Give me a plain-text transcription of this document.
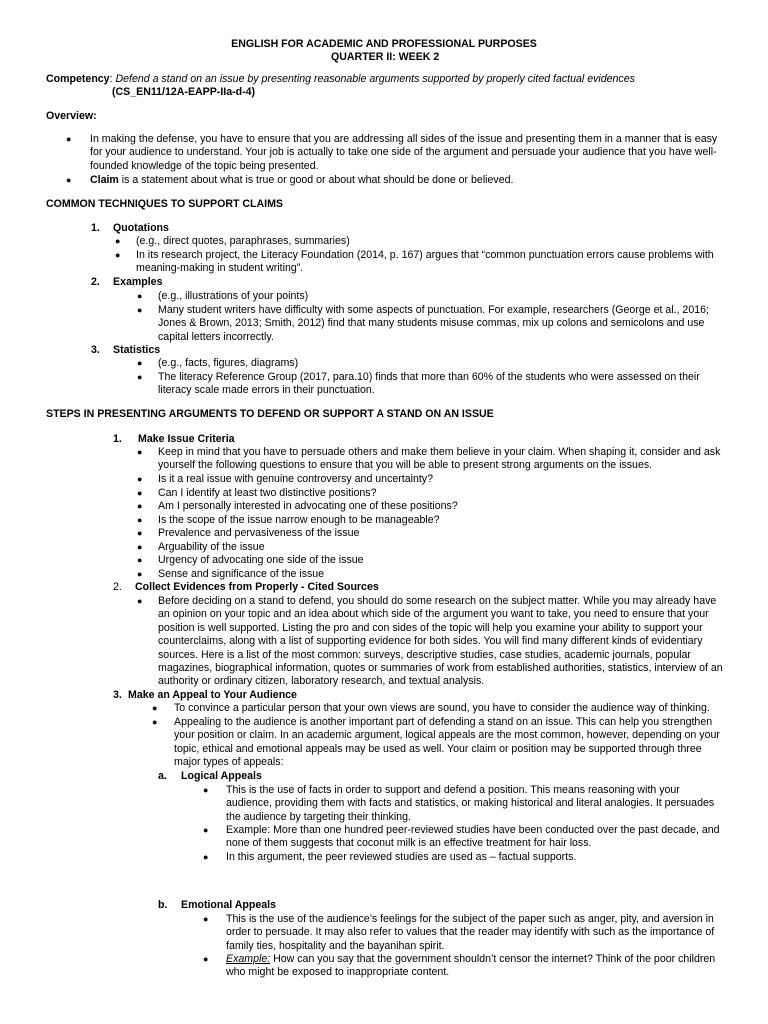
ENGLISH FOR ACADEMIC AND PROFESSIONAL PURPOSES
QUARTER II: WEEK 2
Competency: Defend a stand on an issue by presenting reasonable arguments supported by properly cited factual evidences
(CS_EN11/12A-EAPP-IIa-d-4)
Overview:
● In making the defense, you have to ensure that you are addressing all sides of the issue and presenting them in a manner that is easy for your audience to understand. Your job is actually to take one side of the argument and persuade your audience that you have well-founded knowledge of the topic being presented.
● Claim is a statement about what is true or good or about what should be done or believed.
COMMON TECHNIQUES TO SUPPORT CLAIMS
1. Quotations
● (e.g., direct quotes, paraphrases, summaries)
● In its research project, the Literacy Foundation (2014, p. 167) argues that “common punctuation errors cause problems with meaning-making in student writing”.
2. Examples
● (e.g., illustrations of your points)
● Many student writers have difficulty with some aspects of punctuation. For example, researchers (George et al., 2016; Jones & Brown, 2013; Smith, 2012) find that many students misuse commas, mix up colons and semicolons and use capital letters incorrectly.
3. Statistics
● (e.g., facts, figures, diagrams)
● The literacy Reference Group (2017, para.10) finds that more than 60% of the students who were assessed on their literacy scale made errors in their punctuation.
STEPS IN PRESENTING ARGUMENTS TO DEFEND OR SUPPORT A STAND ON AN ISSUE
1. Make Issue Criteria
● Keep in mind that you have to persuade others and make them believe in your claim. When shaping it, consider and ask yourself the following questions to ensure that you will be able to present strong arguments on the issues.
● Is it a real issue with genuine controversy and uncertainty?
● Can I identify at least two distinctive positions?
● Am I personally interested in advocating one of these positions?
● Is the scope of the issue narrow enough to be manageable?
● Prevalence and pervasiveness of the issue
● Arguability of the issue
● Urgency of advocating one side of the issue
● Sense and significance of the issue
2. Collect Evidences from Properly - Cited Sources
● Before deciding on a stand to defend, you should do some research on the subject matter. While you may already have an opinion on your topic and an idea about which side of the argument you want to take, you need to ensure that your position is well supported. Listing the pro and con sides of the topic will help you examine your ability to support your counterclaims, along with a list of supporting evidence for both sides. You will find many different kinds of evidentiary sources. Here is a list of the most common: surveys, descriptive studies, case studies, academic journals, popular magazines, biographical information, quotes or summaries of work from established authorities, statistics, interview of an authority or ordinary citizen, laboratory research, and textual analysis.
3. Make an Appeal to Your Audience
● To convince a particular person that your own views are sound, you have to consider the audience way of thinking.
● Appealing to the audience is another important part of defending a stand on an issue. This can help you strengthen your position or claim. In an academic argument, logical appeals are the most common, however, depending on your topic, ethical and emotional appeals may be used as well. Your claim or position may be supported through three major types of appeals:
a. Logical Appeals
● This is the use of facts in order to support and defend a position. This means reasoning with your audience, providing them with facts and statistics, or making historical and literal analogies. It persuades the audience by targeting their thinking.
● Example: More than one hundred peer-reviewed studies have been conducted over the past decade, and none of them suggests that coconut milk is an effective treatment for hair loss.
● In this argument, the peer reviewed studies are used as – factual supports.
b. Emotional Appeals
● This is the use of the audience’s feelings for the subject of the paper such as anger, pity, and aversion in order to persuade. It may also refer to values that the reader may identify with such as the importance of family ties, hospitality and the bayanihan spirit.
● Example: How can you say that the government shouldn’t censor the internet? Think of the poor children who might be exposed to inappropriate content.
